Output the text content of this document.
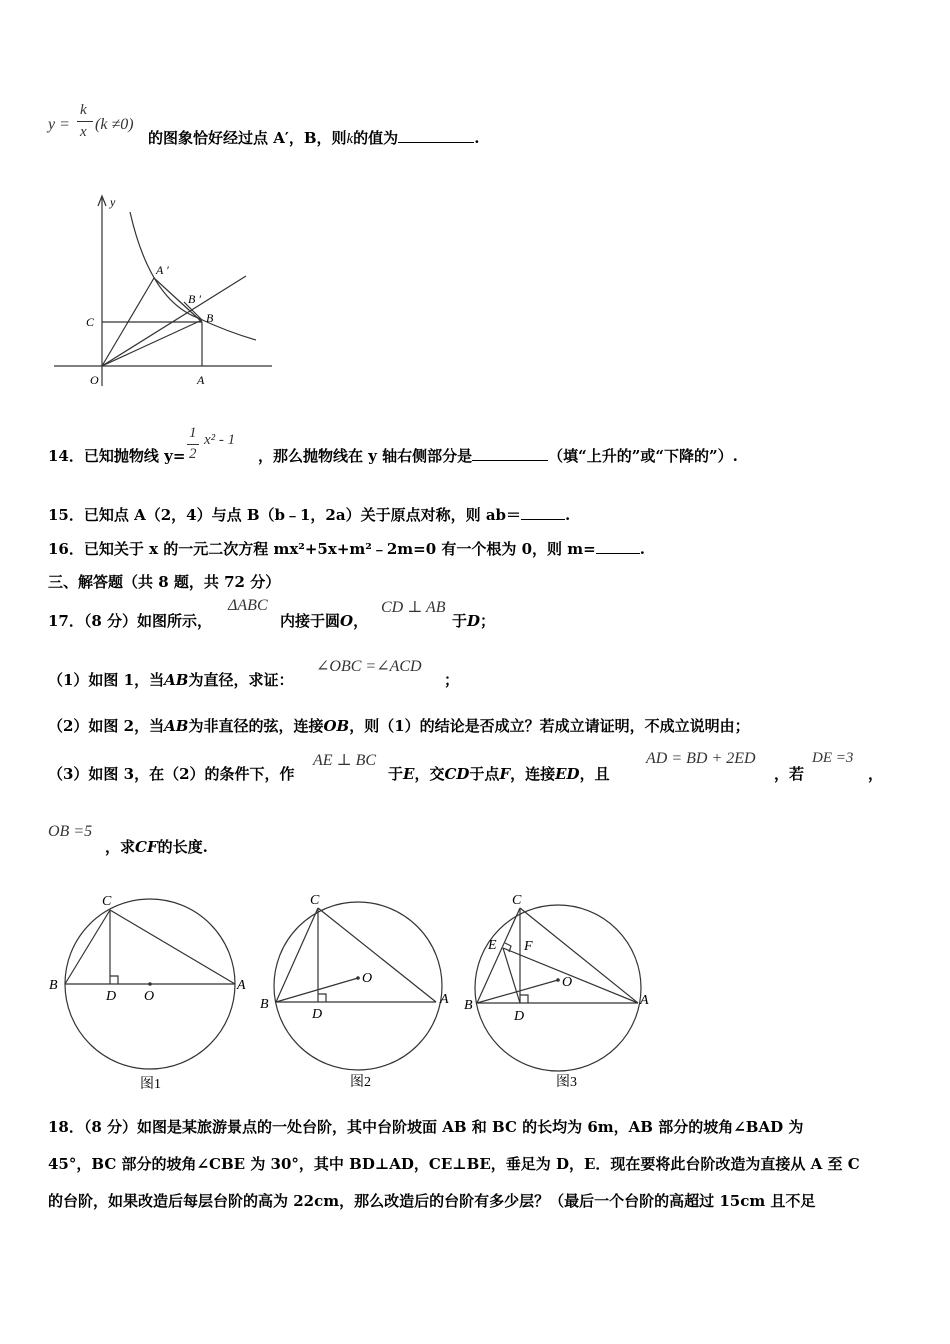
y =
k
x (k ≠0)
的图象恰好经过点 A′，B，则k的值为	.
y
O	A
C
A ′
B
B ′
14．已知抛物线 y=
1
2
x² - 1
，那么抛物线在 y 轴右侧部分是	（填“上升的”或“下降的”）.
15．已知点 A（2，4）与点 B（b﹣1，2a）关于原点对称，则 ab＝	.
16．已知关于 x 的一元二次方程 mx²+5x+m²﹣2m=0 有一个根为 0，则 m=	.
三、解答题（共 8 题，共 72 分）
17．（8 分）如图所示，
ΔABC
内接于圆O，
CD ⊥ AB
于D；
（1）如图 1，当AB为直径，求证：
∠OBC =∠ACD
；
（2）如图 2，当AB为非直径的弦，连接OB，则（1）的结论是否成立？若成立请证明，不成立说明由；
（3）如图 3，在（2）的条件下，作
AE ⊥ BC
于E，交CD于点F，连接ED，且
AD = BD + 2ED
，若
DE =3
，
OB =5
，求CF的长度.
B
C
A
D O
图1
B
C
A
D
O
图2
B
C
A
D
O
E F
图3
18．（8 分）如图是某旅游景点的一处台阶，其中台阶坡面 AB 和 BC 的长均为 6m，AB 部分的坡角∠BAD 为
45°，BC 部分的坡角∠CBE 为 30°，其中 BD⊥AD，CE⊥BE，垂足为 D，E．现在要将此台阶改造为直接从 A 至 C
的台阶，如果改造后每层台阶的高为 22cm，那么改造后的台阶有多少层？（最后一个台阶的高超过 15cm 且不足
